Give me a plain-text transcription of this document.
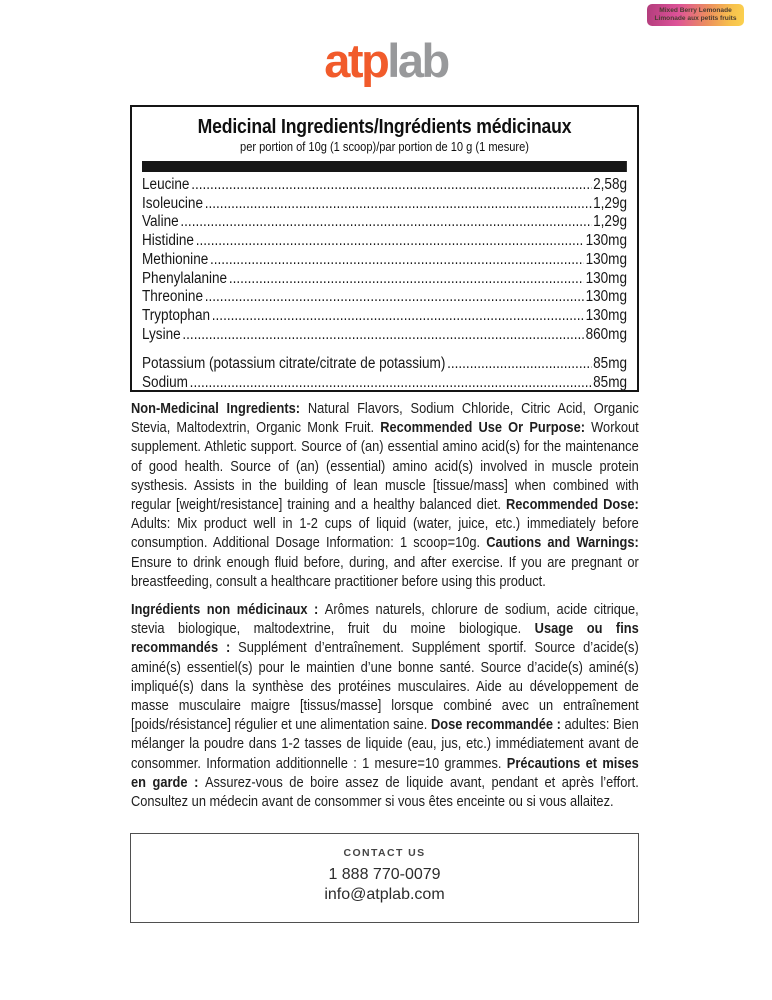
Mixed Berry Lemonade
Limonade aux petits fruits
atplab
Medicinal Ingredients/Ingrédients médicinaux
per portion of 10g (1 scoop)/par portion de 10 g (1 mesure)
Leucine .....	2,58g
Isoleucine .....	1,29g
Valine .....	1,29g
Histidine .....	130mg
Methionine .....	130mg
Phenylalanine .....	130mg
Threonine .....	130mg
Tryptophan .....	130mg
Lysine .....	860mg
Potassium (potassium citrate/citrate de potassium) .....	85mg
Sodium .....	85mg

Non-Medicinal Ingredients: Natural Flavors, Sodium Chloride, Citric Acid, Organic Stevia, Maltodextrin, Organic Monk Fruit. Recommended Use Or Purpose: Workout supplement. Athletic support. Source of (an) essential amino acid(s) for the maintenance of good health. Source of (an) (essential) amino acid(s) involved in muscle protein systhesis. Assists in the building of lean muscle [tissue/mass] when combined with regular [weight/resistance] training and a healthy balanced diet. Recommended Dose: Adults: Mix product well in 1-2 cups of liquid (water, juice, etc.) immediately before consumption. Additional Dosage Information: 1 scoop=10g. Cautions and Warnings: Ensure to drink enough fluid before, during, and after exercise. If you are pregnant or breastfeeding, consult a healthcare practitioner before using this product.

Ingrédients non médicinaux : Arômes naturels, chlorure de sodium, acide citrique, stevia biologique, maltodextrine, fruit du moine biologique. Usage ou fins recommandés : Supplément d’entraînement. Supplément sportif. Source d’acide(s) aminé(s) essentiel(s) pour le maintien d’une bonne santé. Source d’acide(s) aminé(s) impliqué(s) dans la synthèse des protéines musculaires. Aide au développement de masse musculaire maigre [tissus/masse] lorsque combiné avec un entraînement [poids/résistance] régulier et une alimentation saine. Dose recommandée : adultes: Bien mélanger la poudre dans 1-2 tasses de liquide (eau, jus, etc.) immédiatement avant de consommer. Information additionnelle : 1 mesure=10 grammes. Précautions et mises en garde : Assurez-vous de boire assez de liquide avant, pendant et après l’effort. Consultez un médecin avant de consommer si vous êtes enceinte ou si vous allaitez.

CONTACT US
1 888 770-0079
info@atplab.com
